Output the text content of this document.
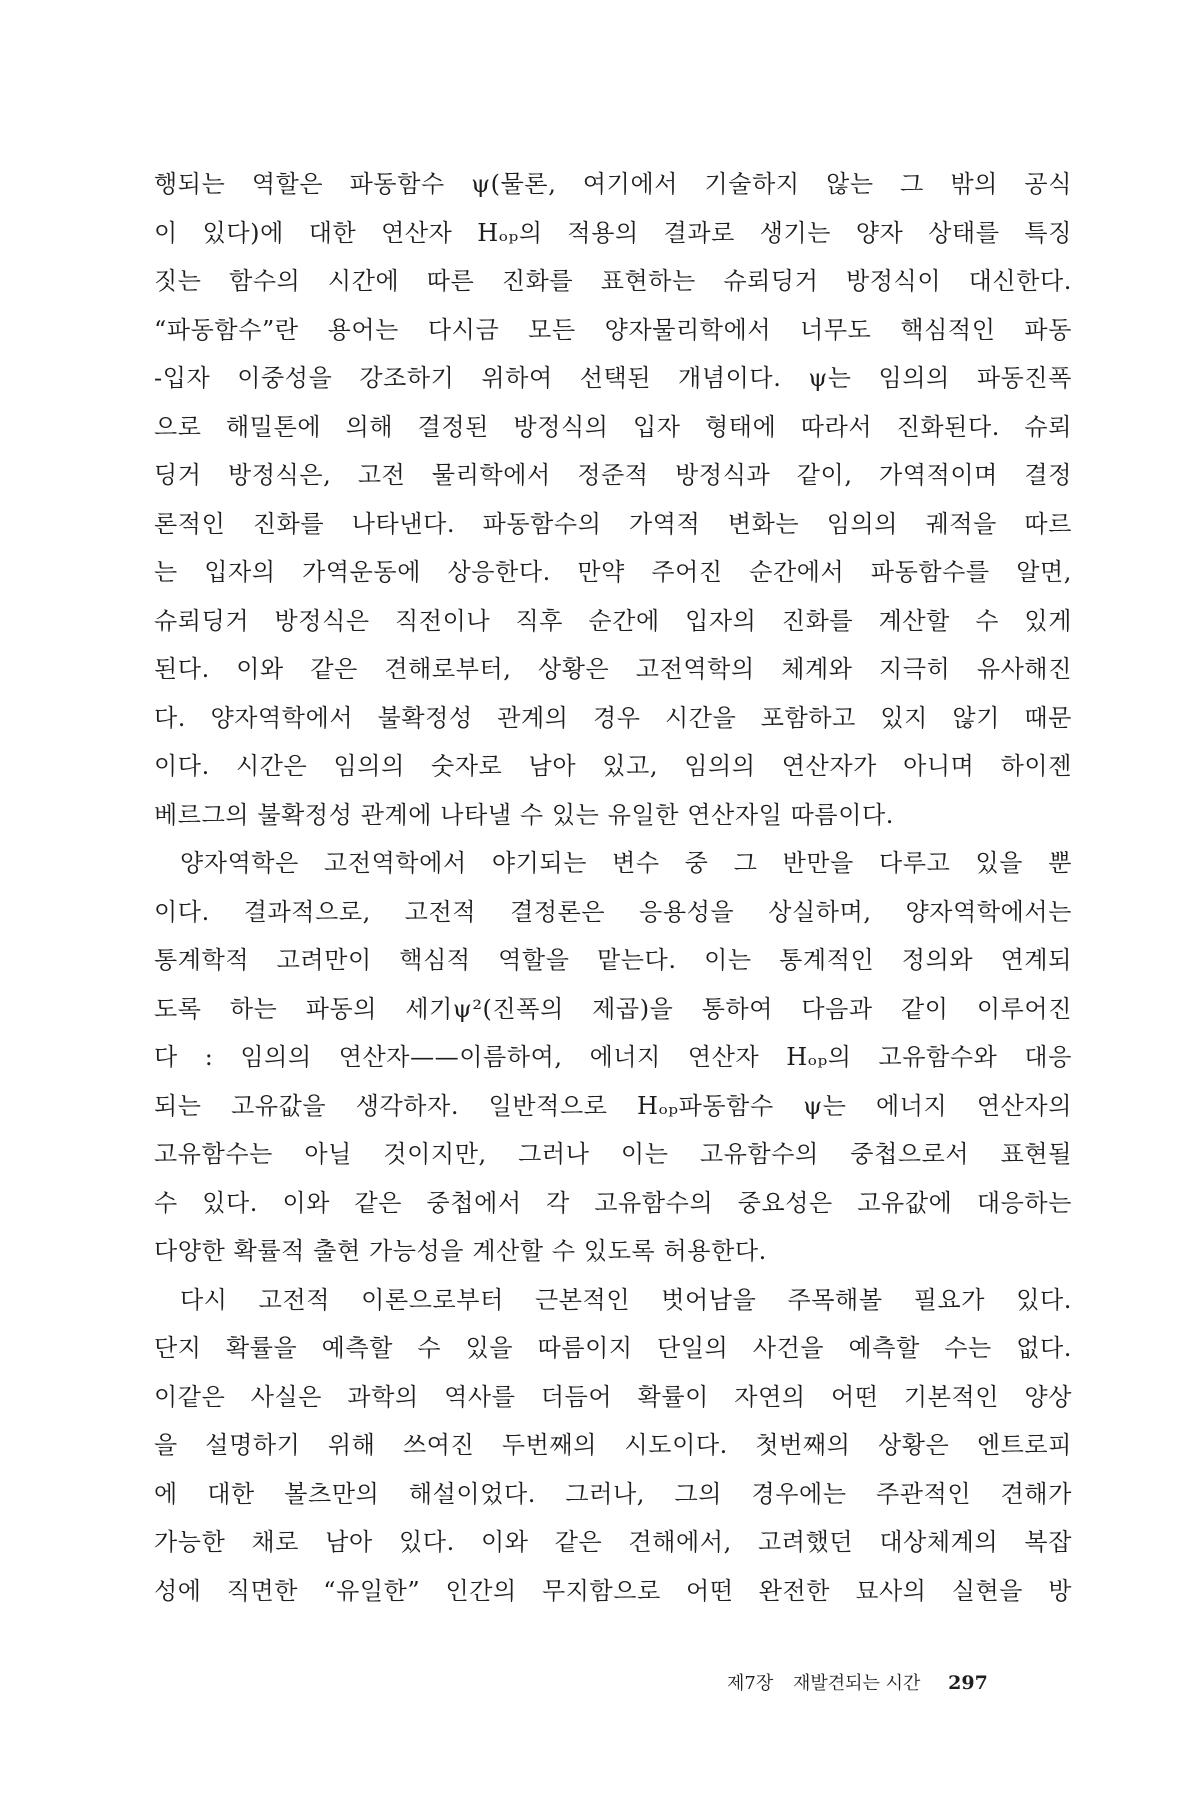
행되는 역할은 파동함수 ψ(물론, 여기에서 기술하지 않는 그 밖의 공식
이 있다)에 대한 연산자 Hₒₚ의 적용의 결과로 생기는 양자 상태를 특징
짓는 함수의 시간에 따른 진화를 표현하는 슈뢰딩거 방정식이 대신한다.
“파동함수”란 용어는 다시금 모든 양자물리학에서 너무도 핵심적인 파동
-입자 이중성을 강조하기 위하여 선택된 개념이다. ψ는 임의의 파동진폭
으로 해밀톤에 의해 결정된 방정식의 입자 형태에 따라서 진화된다. 슈뢰
딩거 방정식은, 고전 물리학에서 정준적 방정식과 같이, 가역적이며 결정
론적인 진화를 나타낸다. 파동함수의 가역적 변화는 임의의 궤적을 따르
는 입자의 가역운동에 상응한다. 만약 주어진 순간에서 파동함수를 알면,
슈뢰딩거 방정식은 직전이나 직후 순간에 입자의 진화를 계산할 수 있게
된다. 이와 같은 견해로부터, 상황은 고전역학의 체계와 지극히 유사해진
다. 양자역학에서 불확정성 관계의 경우 시간을 포함하고 있지 않기 때문
이다. 시간은 임의의 숫자로 남아 있고, 임의의 연산자가 아니며 하이젠
베르그의 불확정성 관계에 나타낼 수 있는 유일한 연산자일 따름이다.
양자역학은 고전역학에서 야기되는 변수 중 그 반만을 다루고 있을 뿐
이다. 결과적으로, 고전적 결정론은 응용성을 상실하며, 양자역학에서는
통계학적 고려만이 핵심적 역할을 맡는다. 이는 통계적인 정의와 연계되
도록 하는 파동의 세기ψ²(진폭의 제곱)을 통하여 다음과 같이 이루어진
다 : 임의의 연산자——이름하여, 에너지 연산자 Hₒₚ의 고유함수와 대응
되는 고유값을 생각하자. 일반적으로 Hₒₚ파동함수 ψ는 에너지 연산자의
고유함수는 아닐 것이지만, 그러나 이는 고유함수의 중첩으로서 표현될
수 있다. 이와 같은 중첩에서 각 고유함수의 중요성은 고유값에 대응하는
다양한 확률적 출현 가능성을 계산할 수 있도록 허용한다.
다시 고전적 이론으로부터 근본적인 벗어남을 주목해볼 필요가 있다.
단지 확률을 예측할 수 있을 따름이지 단일의 사건을 예측할 수는 없다.
이같은 사실은 과학의 역사를 더듬어 확률이 자연의 어떤 기본적인 양상
을 설명하기 위해 쓰여진 두번째의 시도이다. 첫번째의 상황은 엔트로피
에 대한 볼츠만의 해설이었다. 그러나, 그의 경우에는 주관적인 견해가
가능한 채로 남아 있다. 이와 같은 견해에서, 고려했던 대상체계의 복잡
성에 직면한 “유일한” 인간의 무지함으로 어떤 완전한 묘사의 실현을 방
제7장 재발견되는 시간 297
